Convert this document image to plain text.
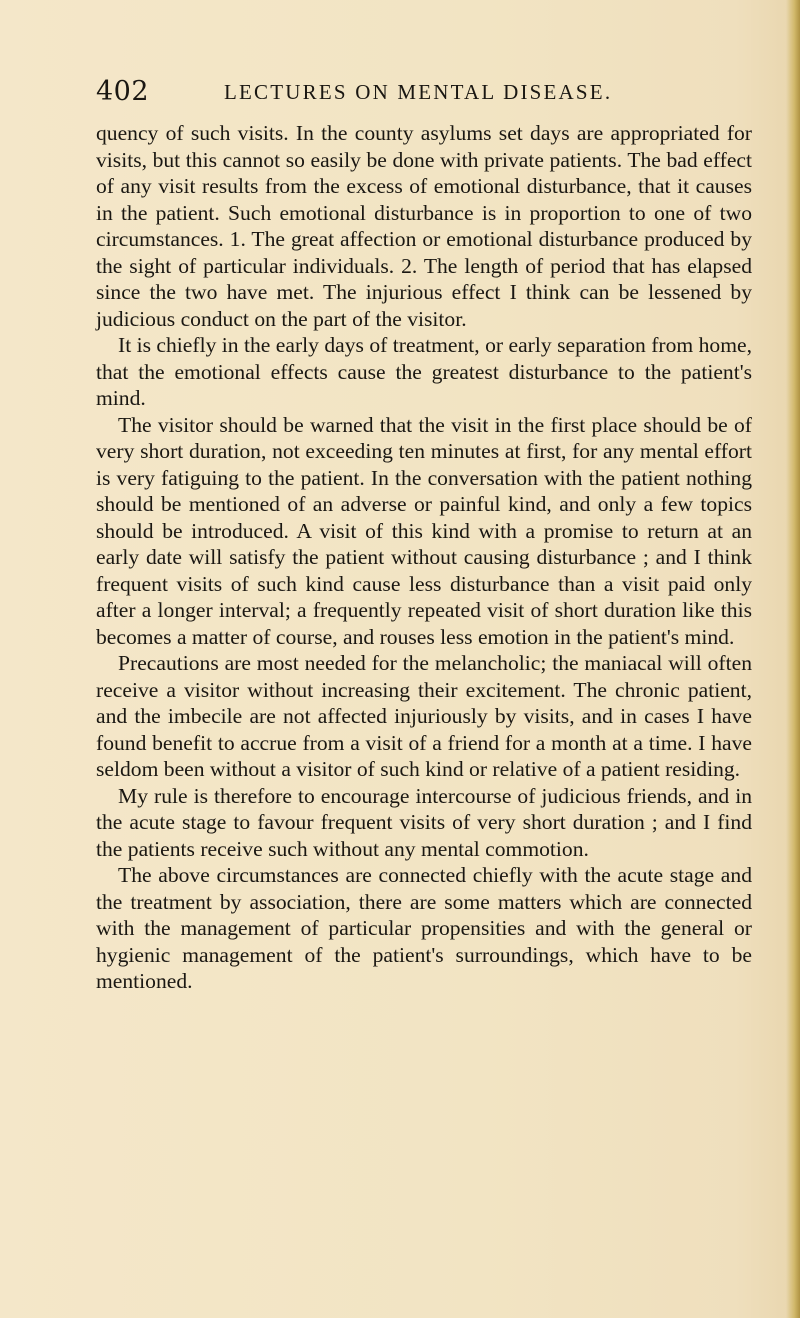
402	LECTURES ON MENTAL DISEASE.

quency of such visits. In the county asylums set days are appropriated for visits, but this cannot so easily be done with private patients. The bad effect of any visit results from the excess of emotional disturbance, that it causes in the patient. Such emotional disturbance is in proportion to one of two circumstances. 1. The great affection or emotional disturbance produced by the sight of particular individuals. 2. The length of period that has elapsed since the two have met. The injurious effect I think can be lessened by judicious conduct on the part of the visitor.

It is chiefly in the early days of treatment, or early separation from home, that the emotional effects cause the greatest disturbance to the patient's mind.

The visitor should be warned that the visit in the first place should be of very short duration, not exceeding ten minutes at first, for any mental effort is very fatiguing to the patient. In the conversation with the patient nothing should be mentioned of an adverse or painful kind, and only a few topics should be introduced. A visit of this kind with a promise to return at an early date will satisfy the patient without causing disturbance ; and I think frequent visits of such kind cause less disturbance than a visit paid only after a longer interval; a frequently repeated visit of short duration like this becomes a matter of course, and rouses less emotion in the patient's mind.

Precautions are most needed for the melancholic; the maniacal will often receive a visitor without increasing their excitement. The chronic patient, and the imbecile are not affected injuriously by visits, and in cases I have found benefit to accrue from a visit of a friend for a month at a time. I have seldom been without a visitor of such kind or relative of a patient residing.

My rule is therefore to encourage intercourse of judicious friends, and in the acute stage to favour frequent visits of very short duration ; and I find the patients receive such without any mental commotion.

The above circumstances are connected chiefly with the acute stage and the treatment by association, there are some matters which are connected with the management of particular propensities and with the general or hygienic management of the patient's surroundings, which have to be mentioned.
